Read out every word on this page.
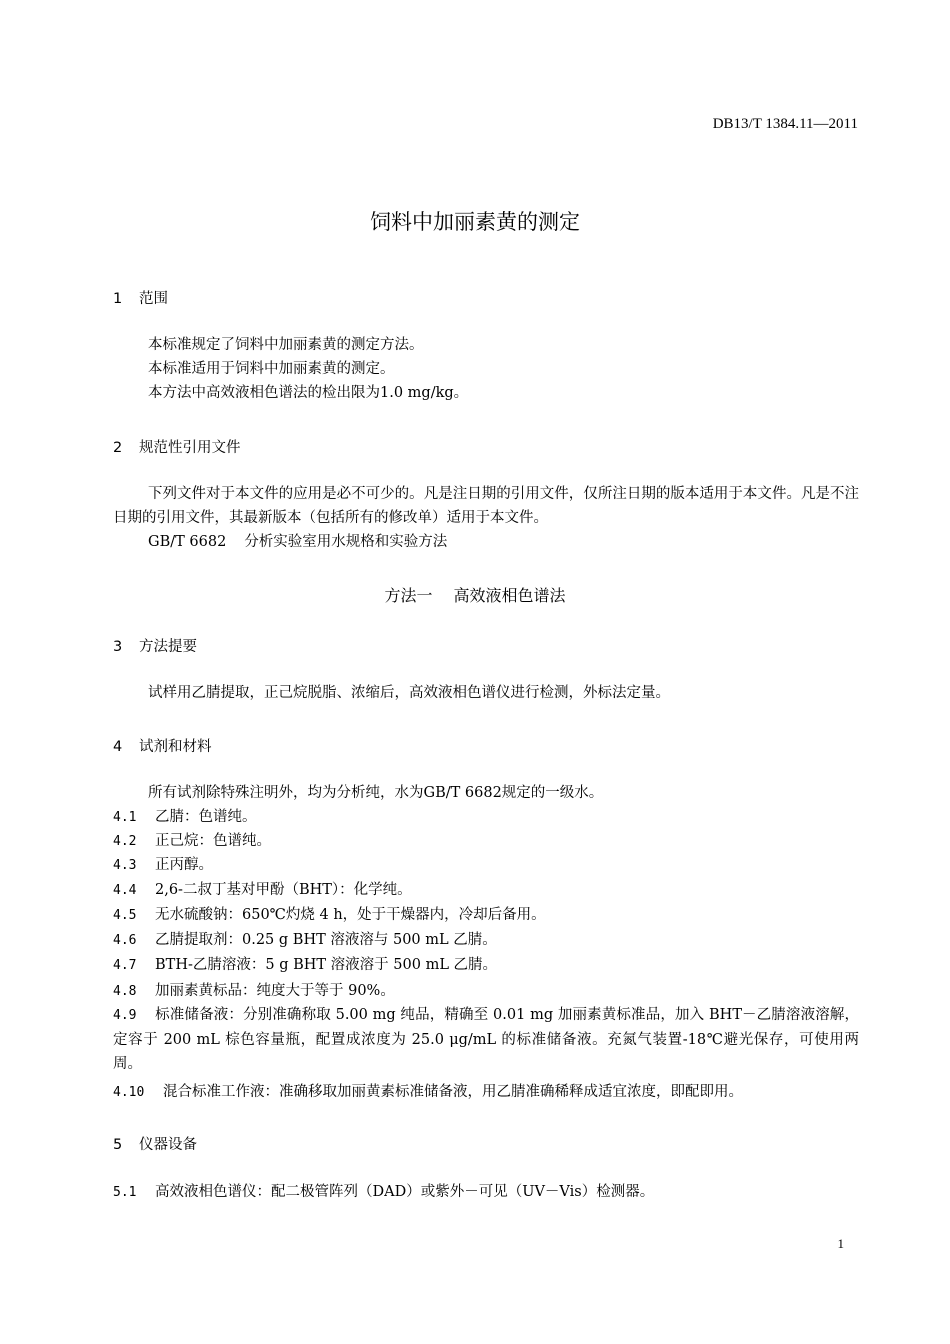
DB13/T 1384.11—2011
饲料中加丽素黄的测定
1 范围
本标准规定了饲料中加丽素黄的测定方法。
本标准适用于饲料中加丽素黄的测定。
本方法中高效液相色谱法的检出限为1.0 mg/kg。
2 规范性引用文件
下列文件对于本文件的应用是必不可少的。凡是注日期的引用文件，仅所注日期的版本适用于本文件。凡是不注日期的引用文件，其最新版本（包括所有的修改单）适用于本文件。
GB/T 6682 分析实验室用水规格和实验方法
方法一　 高效液相色谱法
3 方法提要
试样用乙腈提取，正己烷脱脂、浓缩后，高效液相色谱仪进行检测，外标法定量。
4 试剂和材料
所有试剂除特殊注明外，均为分析纯，水为GB/T 6682规定的一级水。
4.1 乙腈：色谱纯。
4.2 正己烷：色谱纯。
4.3 正丙醇。
4.4 2,6-二叔丁基对甲酚（BHT）：化学纯。
4.5 无水硫酸钠：650℃灼烧 4 h，处于干燥器内，冷却后备用。
4.6 乙腈提取剂：0.25 g BHT 溶液溶与 500 mL 乙腈。
4.7 BTH-乙腈溶液：5 g BHT 溶液溶于 500 mL 乙腈。
4.8 加丽素黄标品：纯度大于等于 90%。
4.9 标准储备液：分别准确称取 5.00 mg 纯品，精确至 0.01 mg 加丽素黄标准品，加入 BHT－乙腈溶液溶解，定容于 200 mL 棕色容量瓶，配置成浓度为 25.0 μg/mL 的标准储备液。充氮气装置-18℃避光保存，可使用两周。
4.10 混合标准工作液：准确移取加丽黄素标准储备液，用乙腈准确稀释成适宜浓度，即配即用。
5 仪器设备
5.1 高效液相色谱仪：配二极管阵列（DAD）或紫外－可见（UV－Vis）检测器。
1
